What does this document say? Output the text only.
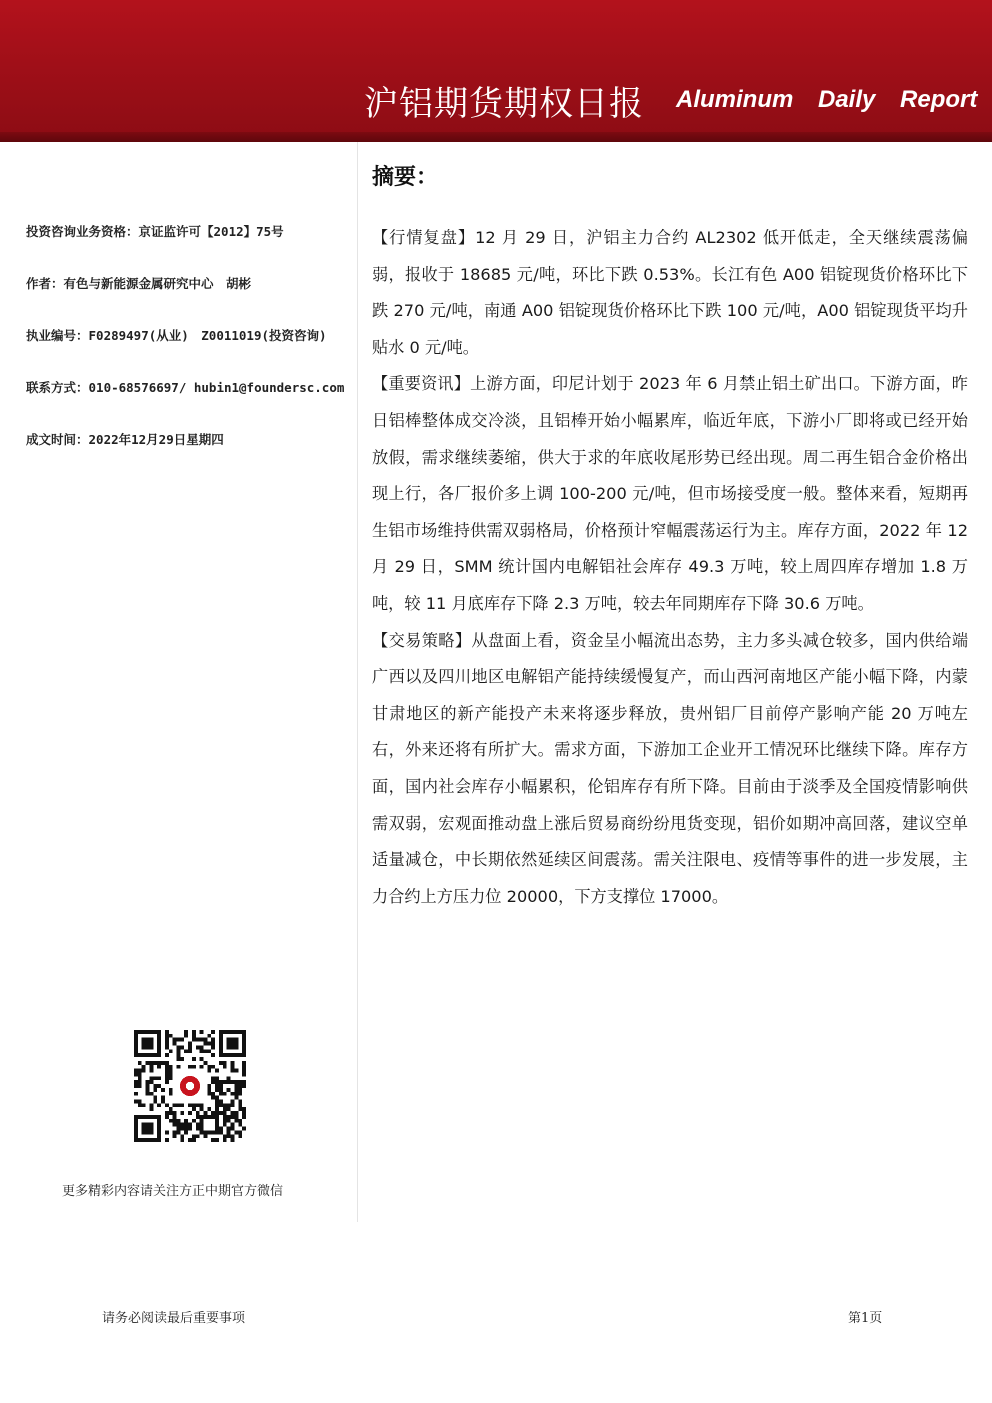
沪铝期货期权日报 Aluminum Daily Report
投资咨询业务资格：京证监许可【2012】75号
作者：有色与新能源金属研究中心　胡彬
执业编号：F0289497(从业)　Z0011019(投资咨询)
联系方式：010-68576697/ hubin1@foundersc.com
成文时间：2022年12月29日星期四
摘要：

【行情复盘】12 月 29 日，沪铝主力合约 AL2302 低开低走，全天继续震荡偏弱，报收于 18685 元/吨，环比下跌 0.53%。长江有色 A00 铝锭现货价格环比下跌 270 元/吨，南通 A00 铝锭现货价格环比下跌 100 元/吨，A00 铝锭现货平均升贴水 0 元/吨。

【重要资讯】上游方面，印尼计划于 2023 年 6 月禁止铝土矿出口。下游方面，昨日铝棒整体成交冷淡，且铝棒开始小幅累库，临近年底，下游小厂即将或已经开始放假，需求继续萎缩，供大于求的年底收尾形势已经出现。周二再生铝合金价格出现上行，各厂报价多上调 100-200 元/吨，但市场接受度一般。整体来看，短期再生铝市场维持供需双弱格局，价格预计窄幅震荡运行为主。库存方面，2022 年 12 月 29 日，SMM 统计国内电解铝社会库存 49.3 万吨，较上周四库存增加 1.8 万吨，较 11 月底库存下降 2.3 万吨，较去年同期库存下降 30.6 万吨。

【交易策略】从盘面上看，资金呈小幅流出态势，主力多头减仓较多，国内供给端广西以及四川地区电解铝产能持续缓慢复产，而山西河南地区产能小幅下降，内蒙甘肃地区的新产能投产未来将逐步释放，贵州铝厂目前停产影响产能 20 万吨左右，外来还将有所扩大。需求方面，下游加工企业开工情况环比继续下降。库存方面，国内社会库存小幅累积，伦铝库存有所下降。目前由于淡季及全国疫情影响供需双弱，宏观面推动盘上涨后贸易商纷纷甩货变现，铝价如期冲高回落，建议空单适量减仓，中长期依然延续区间震荡。需关注限电、疫情等事件的进一步发展，主力合约上方压力位 20000，下方支撑位 17000。

更多精彩内容请关注方正中期官方微信
请务必阅读最后重要事项	第1页
